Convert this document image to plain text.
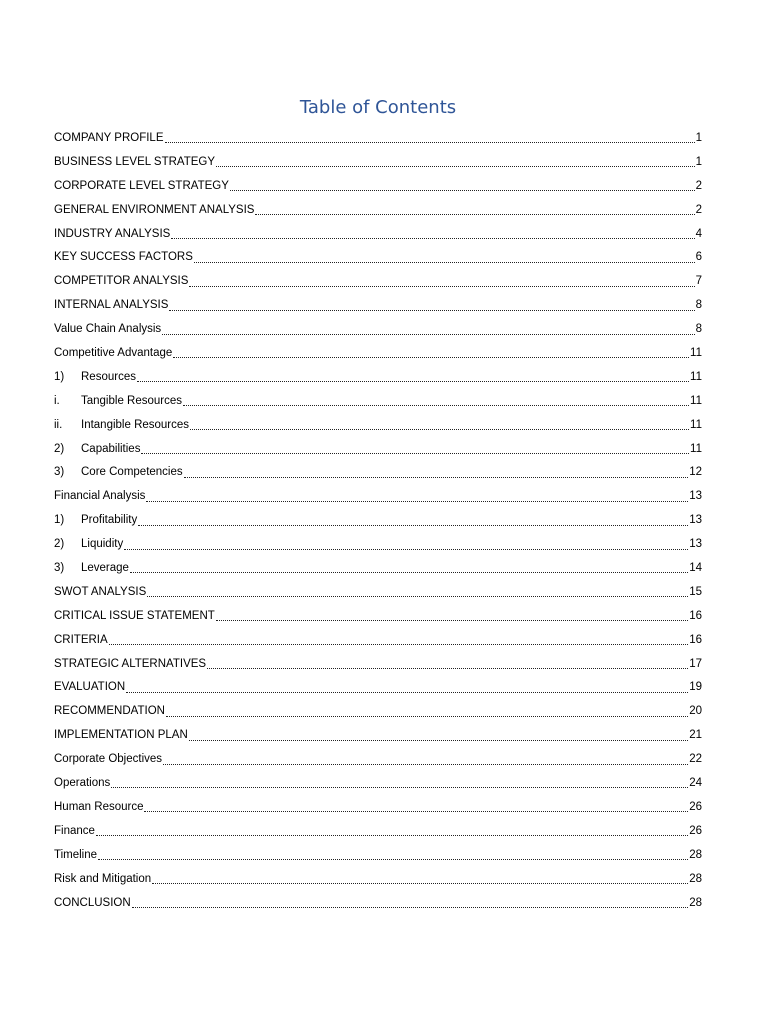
Table of Contents
COMPANY PROFILE	1
BUSINESS LEVEL STRATEGY	1
CORPORATE LEVEL STRATEGY	2
GENERAL ENVIRONMENT ANALYSIS	2
INDUSTRY ANALYSIS	4
KEY SUCCESS FACTORS	6
COMPETITOR ANALYSIS	7
INTERNAL ANALYSIS	8
Value Chain Analysis	8
Competitive Advantage	11
1)	Resources	11
i.	Tangible Resources	11
ii.	Intangible Resources	11
2)	Capabilities	11
3)	Core Competencies	12
Financial Analysis	13
1)	Profitability	13
2)	Liquidity	13
3)	Leverage	14
SWOT ANALYSIS	15
CRITICAL ISSUE STATEMENT	16
CRITERIA	16
STRATEGIC ALTERNATIVES	17
EVALUATION	19
RECOMMENDATION	20
IMPLEMENTATION PLAN	21
Corporate Objectives	22
Operations	24
Human Resource	26
Finance	26
Timeline	28
Risk and Mitigation	28
CONCLUSION	28
